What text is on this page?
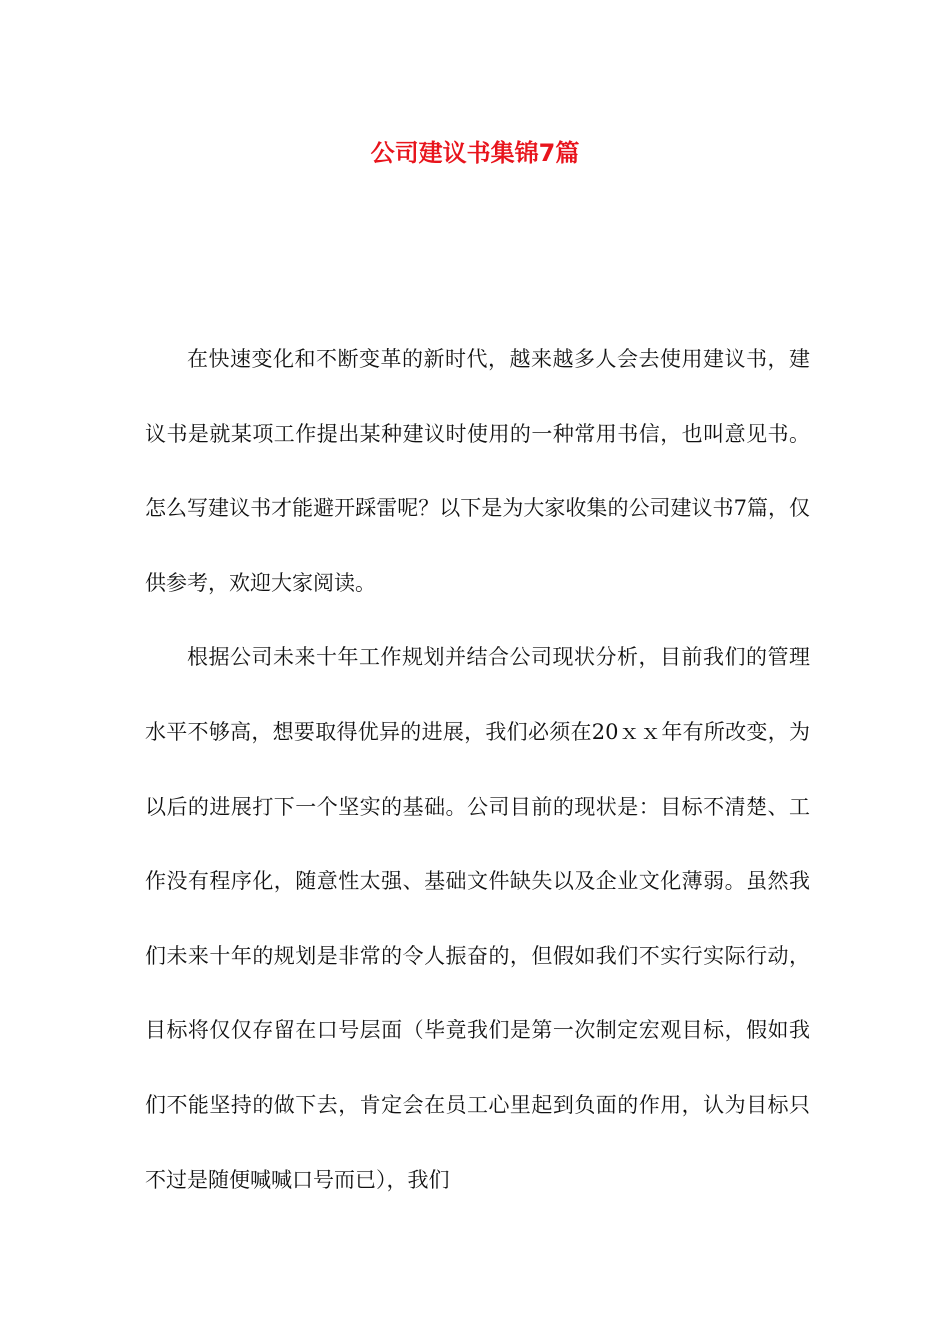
公司建议书集锦7篇

在快速变化和不断变革的新时代，越来越多人会去使用建议书，建议书是就某项工作提出某种建议时使用的一种常用书信，也叫意见书。怎么写建议书才能避开踩雷呢？以下是为大家收集的公司建议书7篇，仅供参考，欢迎大家阅读。

根据公司未来十年工作规划并结合公司现状分析，目前我们的管理水平不够高，想要取得优异的进展，我们必须在20ｘｘ年有所改变，为以后的进展打下一个坚实的基础。公司目前的现状是：目标不清楚、工作没有程序化，随意性太强、基础文件缺失以及企业文化薄弱。虽然我们未来十年的规划是非常的令人振奋的，但假如我们不实行实际行动，目标将仅仅存留在口号层面（毕竟我们是第一次制定宏观目标，假如我们不能坚持的做下去，肯定会在员工心里起到负面的作用，认为目标只不过是随便喊喊口号而已），我们
